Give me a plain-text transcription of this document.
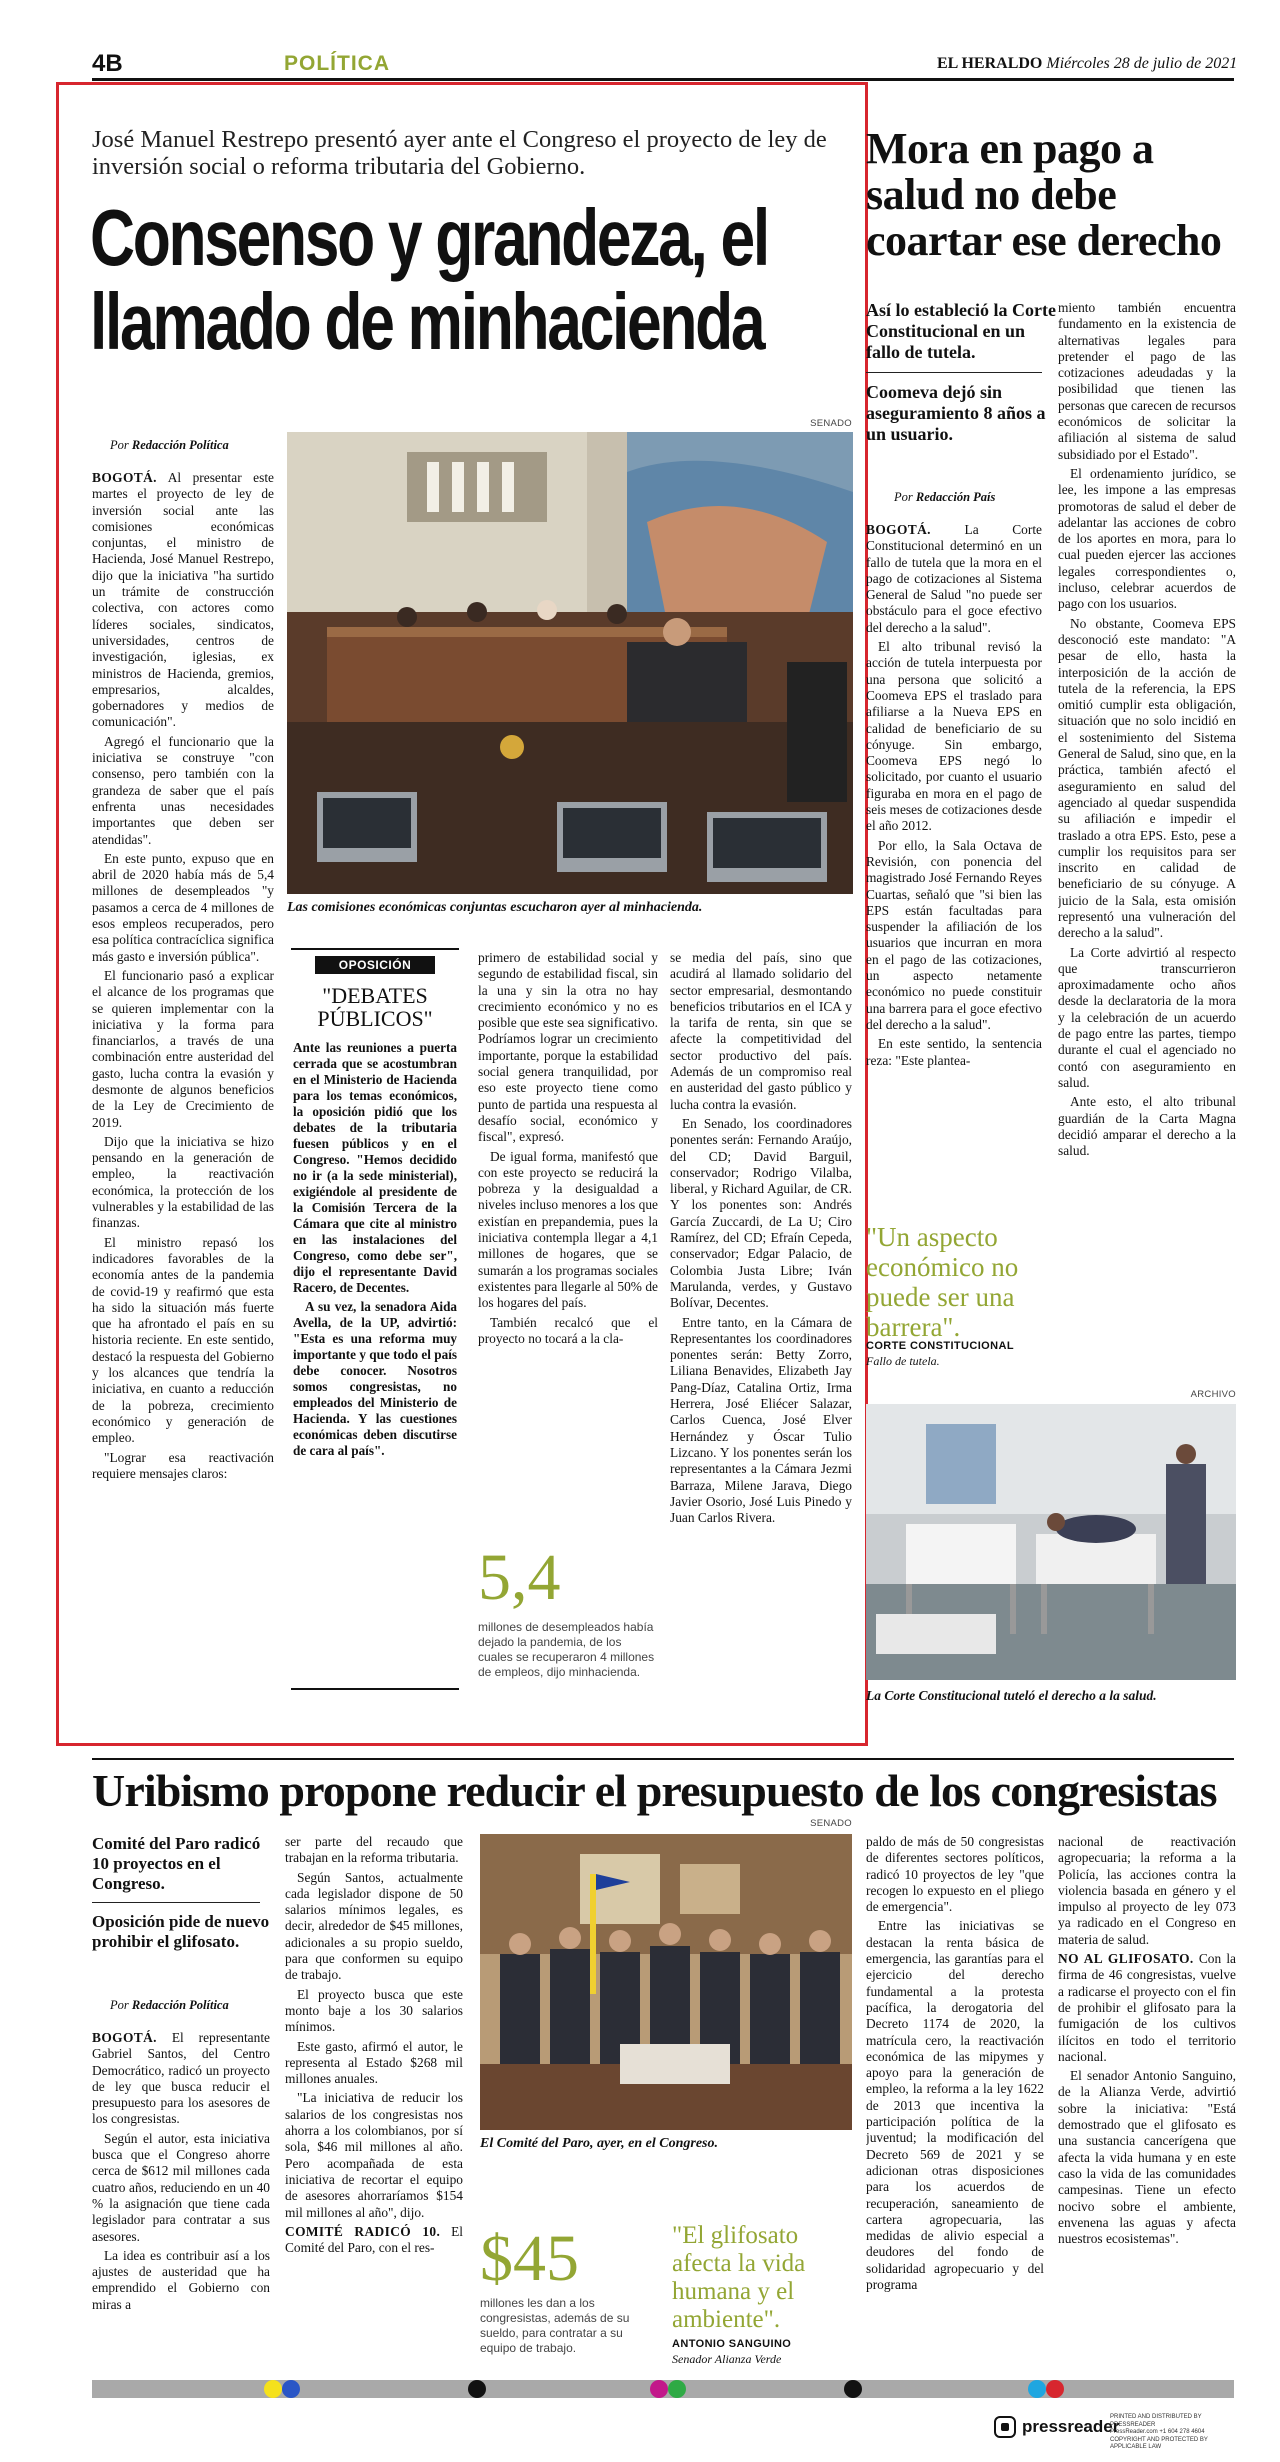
4B	POLÍTICA	EL HERALDO Miércoles 28 de julio de 2021
José Manuel Restrepo presentó ayer ante el Congreso el proyecto de ley de inversión social o reforma tributaria del Gobierno.
Consenso y grandeza, el
llamado de minhacienda
Por Redacción Política
SENADO
Las comisiones económicas conjuntas escucharon ayer al minhacienda.

BOGOTÁ. Al presentar este martes el proyecto de ley de inversión social ante las comisiones económicas conjuntas, el ministro de Hacienda, José Manuel Restrepo, dijo que la iniciativa "ha surtido un trámite de construcción colectiva, con actores como líderes sociales, sindicatos, universidades, centros de investigación, iglesias, ex ministros de Hacienda, gremios, empresarios, alcaldes, gobernadores y medios de comunicación".

Agregó el funcionario que la iniciativa se construye "con consenso, pero también con la grandeza de saber que el país enfrenta unas necesidades importantes que deben ser atendidas".

En este punto, expuso que en abril de 2020 había más de 5,4 millones de desempleados "y pasamos a cerca de 4 millones de esos empleos recuperados, pero esa política contracíclica significa más gasto e inversión pública".

El funcionario pasó a explicar el alcance de los programas que se quieren implementar con la iniciativa y la forma para financiarlos, a través de una combinación entre austeridad del gasto, lucha contra la evasión y desmonte de algunos beneficios de la Ley de Crecimiento de 2019.

Dijo que la iniciativa se hizo pensando en la generación de empleo, la reactivación económica, la protección de los vulnerables y la estabilidad de las finanzas.

El ministro repasó los indicadores favorables de la economía antes de la pandemia de covid-19 y reafirmó que esta ha sido la situación más fuerte que ha afrontado el país en su historia reciente. En este sentido, destacó la respuesta del Gobierno y los alcances que tendría la iniciativa, en cuanto a reducción de la pobreza, crecimiento económico y generación de empleo.

"Lograr esa reactivación requiere mensajes claros:

OPOSICIÓN
"DEBATES PÚBLICOS"

Ante las reuniones a puerta cerrada que se acostumbran en el Ministerio de Hacienda para los temas económicos, la oposición pidió que los debates de la tributaria fuesen públicos y en el Congreso. "Hemos decidido no ir (a la sede ministerial), exigiéndole al presidente de la Comisión Tercera de la Cámara que cite al ministro en las instalaciones del Congreso, como debe ser", dijo el representante David Racero, de Decentes.

A su vez, la senadora Aida Avella, de la UP, advirtió: "Esta es una reforma muy importante y que todo el país debe conocer. Nosotros somos congresistas, no empleados del Ministerio de Hacienda. Y las cuestiones económicas deben discutirse de cara al país".

primero de estabilidad social y segundo de estabilidad fiscal, sin la una y sin la otra no hay crecimiento económico y no es posible que este sea significativo. Podríamos lograr un crecimiento importante, porque la estabilidad social genera tranquilidad, por eso este proyecto tiene como punto de partida una respuesta al desafío social, económico y fiscal", expresó.

De igual forma, manifestó que con este proyecto se reducirá la pobreza y la desigualdad a niveles incluso menores a los que existían en prepandemia, pues la iniciativa contempla llegar a 4,1 millones de hogares, que se sumarán a los programas sociales existentes para llegarle al 50% de los hogares del país.

También recalcó que el proyecto no tocará a la cla-

5,4
millones de desempleados había dejado la pandemia, de los cuales se recuperaron 4 millones de empleos, dijo minhacienda.

se media del país, sino que acudirá al llamado solidario del sector empresarial, desmontando beneficios tributarios en el ICA y la tarifa de renta, sin que se afecte la competitividad del sector productivo del país. Además de un compromiso real en austeridad del gasto público y lucha contra la evasión.

En Senado, los coordinadores ponentes serán: Fernando Araújo, del CD; David Barguil, conservador; Rodrigo Vilalba, liberal, y Richard Aguilar, de CR. Y los ponentes son: Andrés García Zuccardi, de La U; Ciro Ramírez, del CD; Efraín Cepeda, conservador; Edgar Palacio, de Colombia Justa Libre; Iván Marulanda, verdes, y Gustavo Bolívar, Decentes.

Entre tanto, en la Cámara de Representantes los coordinadores ponentes serán: Betty Zorro, Liliana Benavides, Elizabeth Jay Pang-Díaz, Catalina Ortiz, Irma Herrera, José Eliécer Salazar, Carlos Cuenca, José Elver Hernández y Óscar Tulio Lizcano. Y los ponentes serán los representantes a la Cámara Jezmi Barraza, Milene Jarava, Diego Javier Osorio, José Luis Pinedo y Juan Carlos Rivera.

Mora en pago a salud no debe coartar ese derecho
Así lo estableció la Corte Constitucional en un fallo de tutela.
Coomeva dejó sin aseguramiento 8 años a un usuario.
Por Redacción País

BOGOTÁ.	La Corte Constitucional determinó en un fallo de tutela que la mora en el pago de cotizaciones al Sistema General de Salud "no puede ser obstáculo para el goce efectivo del derecho a la salud".

El alto tribunal revisó la acción de tutela interpuesta por una persona que solicitó a Coomeva EPS el traslado para afiliarse a la Nueva EPS en calidad de beneficiario de su cónyuge. Sin embargo, Coomeva EPS negó lo solicitado, por cuanto el usuario figuraba en mora en el pago de seis meses de cotizaciones desde el año 2012.

Por ello, la Sala Octava de Revisión, con ponencia del magistrado José Fernando Reyes Cuartas, señaló que "si bien las EPS están facultadas para suspender la afiliación de los usuarios que incurran en mora en el pago de las cotizaciones, un aspecto netamente económico no puede constituir una barrera para el goce efectivo del derecho a la salud".

En este sentido, la sentencia reza: "Este plantea-

"Un aspecto económico no puede ser una barrera".
CORTE CONSTITUCIONAL
Fallo de tutela.

miento también encuentra fundamento en la existencia de alternativas legales para pretender el pago de las cotizaciones adeudadas y la posibilidad que tienen las personas que carecen de recursos económicos de solicitar la afiliación al sistema de salud subsidiado por el Estado".

El ordenamiento jurídico, se lee, les impone a las empresas promotoras de salud el deber de adelantar las acciones de cobro de los aportes en mora, para lo cual pueden ejercer las acciones legales correspondientes o, incluso, celebrar acuerdos de pago con los usuarios.

No obstante, Coomeva EPS desconoció este mandato: "A pesar de ello, hasta la interposición de la acción de tutela de la referencia, la EPS omitió cumplir esta obligación, situación que no solo incidió en el sostenimiento del Sistema General de Salud, sino que, en la práctica, también afectó el aseguramiento en salud del agenciado al quedar suspendida su afiliación e impedir el traslado a otra EPS. Esto, pese a cumplir los requisitos para ser inscrito en calidad de beneficiario de su cónyuge. A juicio de la Sala, esta omisión representó una vulneración del derecho a la salud".

La Corte advirtió al respecto que transcurrieron aproximadamente ocho años desde la declaratoria de la mora y la celebración de un acuerdo de pago entre las partes, tiempo durante el cual el agenciado no contó con aseguramiento en salud.

Ante esto, el alto tribunal guardián de la Carta Magna decidió amparar el derecho a la salud.

ARCHIVO
La Corte Constitucional tuteló el derecho a la salud.
Uribismo propone reducir el presupuesto de los congresistas
Comité del Paro radicó 10 proyectos en el Congreso.
Oposición pide de nuevo prohibir el glifosato.
Por Redacción Política

BOGOTÁ. El representante Gabriel Santos, del Centro Democrático, radicó un proyecto de ley que busca reducir el presupuesto para los asesores de los congresistas.

Según el autor, esta iniciativa busca que el Congreso ahorre cerca de $612 mil millones cada cuatro años, reduciendo en un 40 % la asignación que tiene cada legislador para contratar a sus asesores.

La idea es contribuir así a los ajustes de austeridad que ha emprendido el Gobierno con miras a

ser parte del recaudo que trabajan en la reforma tributaria.

Según Santos, actualmente cada legislador dispone de 50 salarios mínimos legales, es decir, alrededor de $45 millones, adicionales a su propio sueldo, para que conformen su equipo de trabajo.

El proyecto busca que este monto baje a los 30 salarios mínimos.

Este gasto, afirmó el autor, le representa al Estado $268 mil millones anuales.

"La iniciativa de reducir los salarios de los congresistas nos ahorra a los colombianos, por sí sola, $46 mil millones al año. Pero acompañada de esta iniciativa de recortar el equipo de asesores ahorraríamos $154 mil millones al año", dijo.

COMITÉ RADICÓ 10. El Comité del Paro, con el res-

SENADO
El Comité del Paro, ayer, en el Congreso.
$45
millones les dan a los congresistas, además de su sueldo, para contratar a su equipo de trabajo.
"El glifosato afecta la vida humana y el ambiente".
ANTONIO SANGUINO
Senador Alianza Verde

paldo de más de 50 congresistas de diferentes sectores políticos, radicó 10 proyectos de ley "que recogen lo expuesto en el pliego de emergencia".

Entre las iniciativas se destacan la renta básica de emergencia, las garantías para el ejercicio del derecho fundamental a la protesta pacífica, la derogatoria del Decreto 1174 de 2020, la matrícula cero, la reactivación económica de las mipymes y apoyo para la generación de empleo, la reforma a la ley 1622 de 2013 que incentiva la participación política de la juventud; la modificación del Decreto 569 de 2021 y se adicionan otras disposiciones para los acuerdos de recuperación, saneamiento de cartera agropecuaria, las medidas de alivio especial a deudores del fondo de solidaridad agropecuario y del programa

nacional de reactivación agropecuaria; la reforma a la Policía, las acciones contra la violencia basada en género y el impulso al proyecto de ley 073 ya radicado en el Congreso en materia de salud.

NO AL GLIFOSATO. Con la firma de 46 congresistas, vuelve a radicarse el proyecto con el fin de prohibir el glifosato para la fumigación de los cultivos ilícitos en todo el territorio nacional.

El senador Antonio Sanguino, de la Alianza Verde, advirtió sobre la iniciativa: "Está demostrado que el glifosato es una sustancia cancerígena que afecta la vida humana y en este caso la vida de las comunidades campesinas. Tiene un efecto nocivo sobre el ambiente, envenena las aguas y afecta nuestros ecosistemas".

pressreader
PRINTED AND DISTRIBUTED BY PRESSREADER
PressReader.com +1 604 278 4604
COPYRIGHT AND PROTECTED BY APPLICABLE LAW
